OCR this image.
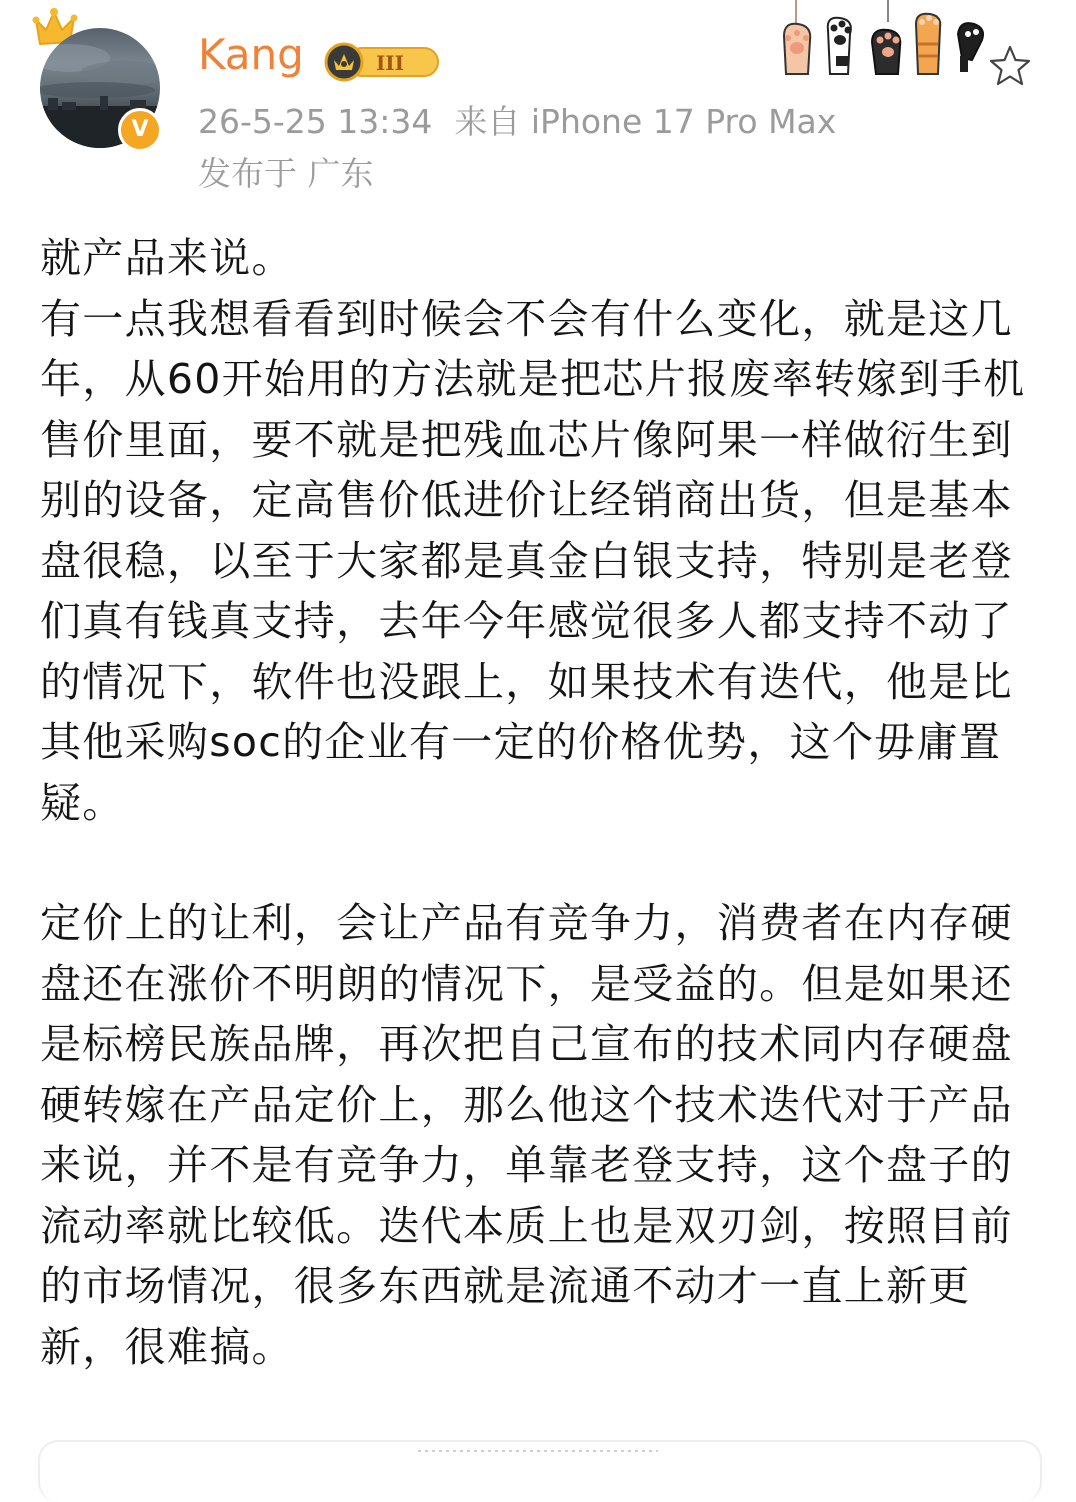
V
Kang	III
26-5-25 13:34 来自 iPhone 17 Pro Max
发布于 广东

就产品来说。
有一点我想看看到时候会不会有什么变化，就是这几年，从60开始用的方法就是把芯片报废率转嫁到手机售价里面，要不就是把残血芯片像阿果一样做衍生到别的设备，定高售价低进价让经销商出货，但是基本盘很稳，以至于大家都是真金白银支持，特别是老登们真有钱真支持，去年今年感觉很多人都支持不动了的情况下，软件也没跟上，如果技术有迭代，他是比其他采购soc的企业有一定的价格优势，这个毋庸置疑。

定价上的让利，会让产品有竞争力，消费者在内存硬盘还在涨价不明朗的情况下，是受益的。但是如果还是标榜民族品牌，再次把自己宣布的技术同内存硬盘硬转嫁在产品定价上，那么他这个技术迭代对于产品来说，并不是有竞争力，单靠老登支持，这个盘子的流动率就比较低。迭代本质上也是双刃剑，按照目前的市场情况，很多东西就是流通不动才一直上新更新，很难搞。
